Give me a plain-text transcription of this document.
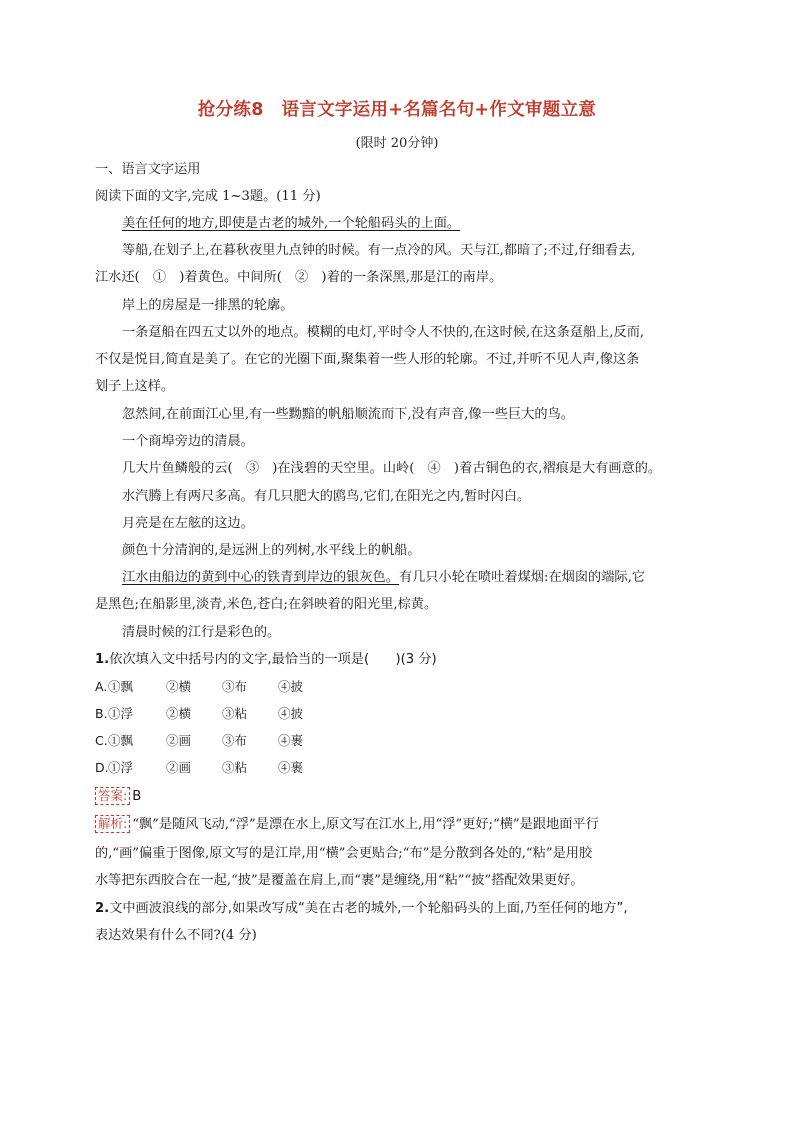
抢分练8　语言文字运用+名篇名句+作文审题立意
(限时 20分钟)
一、语言文字运用
阅读下面的文字,完成 1~3题。(11 分)
美在任何的地方,即使是古老的城外,一个轮船码头的上面。
等船,在划子上,在暮秋夜里九点钟的时候。有一点冷的风。天与江,都暗了;不过,仔细看去,
江水还(　①　)着黄色。中间所(　②　)着的一条深黑,那是江的南岸。
岸上的房屋是一排黑的轮廓。
一条趸船在四五丈以外的地点。模糊的电灯,平时令人不快的,在这时候,在这条趸船上,反而,
不仅是悦目,简直是美了。在它的光圈下面,聚集着一些人形的轮廓。不过,并听不见人声,像这条
划子上这样。
忽然间,在前面江心里,有一些黝黯的帆船顺流而下,没有声音,像一些巨大的鸟。
一个商埠旁边的清晨。
几大片鱼鳞般的云(　③　)在浅碧的天空里。山岭(　④　)着古铜色的衣,褶痕是大有画意的。
水汽腾上有两尺多高。有几只肥大的鸥鸟,它们,在阳光之内,暂时闪白。
月亮是在左舷的这边。
颜色十分清润的,是远洲上的列树,水平线上的帆船。
江水由船边的黄到中心的铁青到岸边的银灰色。有几只小轮在喷吐着煤烟:在烟囱的端际,它
是黑色;在船影里,淡青,米色,苍白;在斜映着的阳光里,棕黄。
清晨时候的江行是彩色的。
1.依次填入文中括号内的文字,最恰当的一项是(　　)(3 分)
A. ①飘	②横 ③布 ④披
B. ①浮	②横 ③粘 ④披
C. ①飘	②画 ③布 ④裹
D. ①浮	②画 ③粘 ④裹
答案: B
解析: “飘”是随风飞动,“浮”是漂在水上,原文写在江水上,用“浮”更好;“横”是跟地面平行
的,“画”偏重于图像,原文写的是江岸,用“横”会更贴合;“布”是分散到各处的,“粘”是用胶
水等把东西胶合在一起,“披”是覆盖在肩上,而“裹”是缠绕,用“粘”“披”搭配效果更好。
2.文中画波浪线的部分,如果改写成“美在古老的城外,一个轮船码头的上面,乃至任何的地方”,
表达效果有什么不同?(4 分)
